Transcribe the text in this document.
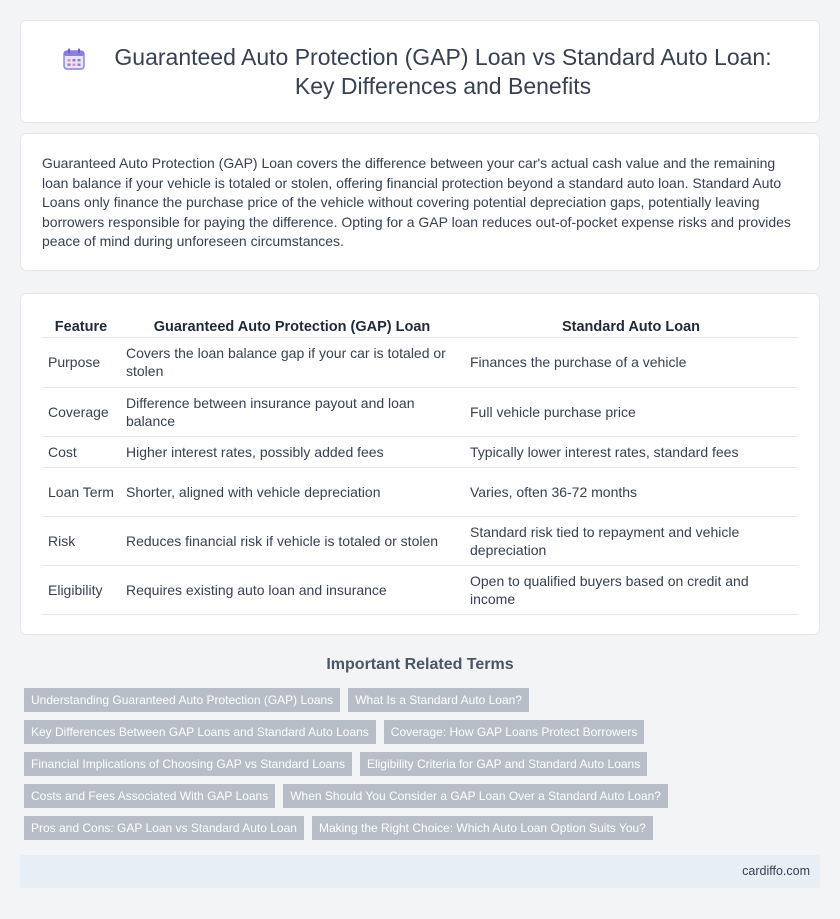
Guaranteed Auto Protection (GAP) Loan vs Standard Auto Loan: Key Differences and Benefits

Guaranteed Auto Protection (GAP) Loan covers the difference between your car's actual cash value and the remaining loan balance if your vehicle is totaled or stolen, offering financial protection beyond a standard auto loan. Standard Auto Loans only finance the purchase price of the vehicle without covering potential depreciation gaps, potentially leaving borrowers responsible for paying the difference. Opting for a GAP loan reduces out-of-pocket expense risks and provides peace of mind during unforeseen circumstances.

Feature	Guaranteed Auto Protection (GAP) Loan	Standard Auto Loan
Purpose	Covers the loan balance gap if your car is totaled or stolen	Finances the purchase of a vehicle
Coverage	Difference between insurance payout and loan balance	Full vehicle purchase price
Cost	Higher interest rates, possibly added fees	Typically lower interest rates, standard fees
Loan Term	Shorter, aligned with vehicle depreciation	Varies, often 36-72 months
Risk	Reduces financial risk if vehicle is totaled or stolen	Standard risk tied to repayment and vehicle depreciation
Eligibility	Requires existing auto loan and insurance	Open to qualified buyers based on credit and income
Important Related Terms
Understanding Guaranteed Auto Protection (GAP) Loans	What Is a Standard Auto Loan?
Key Differences Between GAP Loans and Standard Auto Loans	Coverage: How GAP Loans Protect Borrowers
Financial Implications of Choosing GAP vs Standard Loans	Eligibility Criteria for GAP and Standard Auto Loans
Costs and Fees Associated With GAP Loans	When Should You Consider a GAP Loan Over a Standard Auto Loan?
Pros and Cons: GAP Loan vs Standard Auto Loan	Making the Right Choice: Which Auto Loan Option Suits You?
cardiffo.com
